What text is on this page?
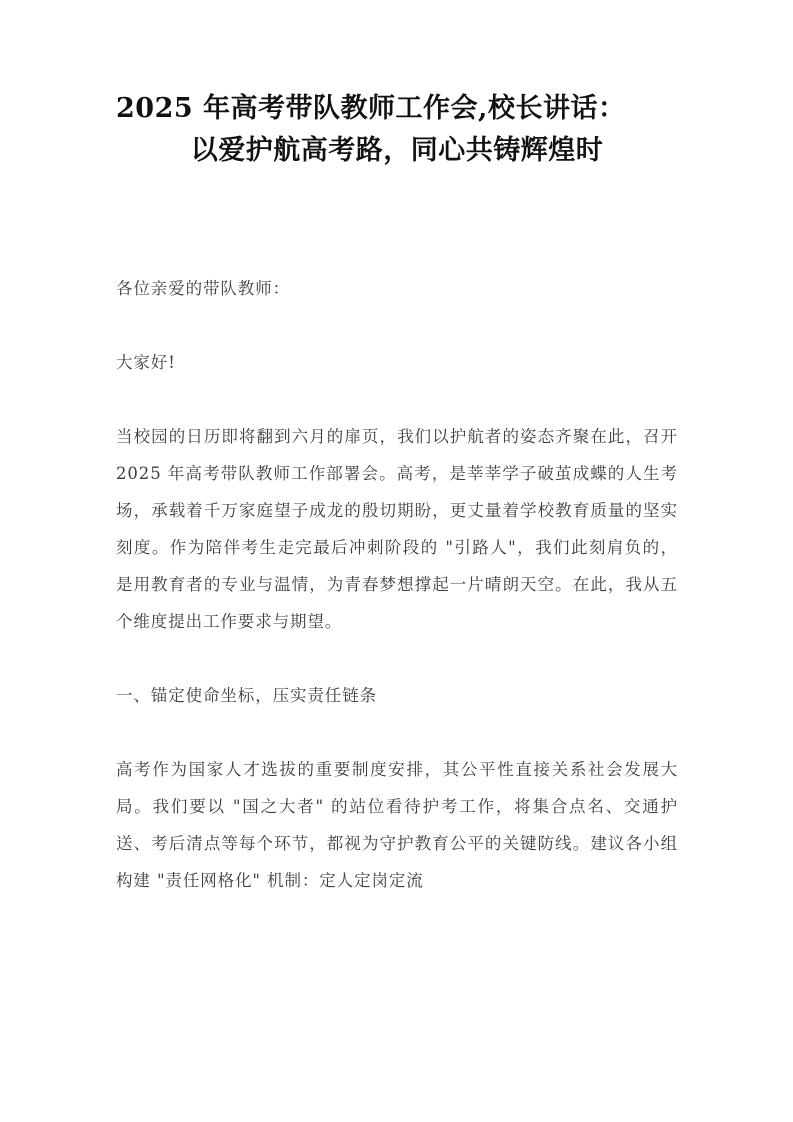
2025 年高考带队教师工作会,校长讲话：
以爱护航高考路，同心共铸辉煌时

各位亲爱的带队教师：

大家好!

当校园的日历即将翻到六月的扉页，我们以护航者的姿态齐聚在此，召开 2025 年高考带队教师工作部署会。高考，是莘莘学子破茧成蝶的人生考场，承载着千万家庭望子成龙的殷切期盼，更丈量着学校教育质量的坚实刻度。作为陪伴考生走完最后冲刺阶段的 "引路人"，我们此刻肩负的，是用教育者的专业与温情，为青春梦想撑起一片晴朗天空。在此，我从五个维度提出工作要求与期望。

一、锚定使命坐标，压实责任链条

高考作为国家人才选拔的重要制度安排，其公平性直接关系社会发展大局。我们要以 "国之大者" 的站位看待护考工作，将集合点名、交通护送、考后清点等每个环节，都视为守护教育公平的关键防线。建议各小组构建 "责任网格化" 机制：定人定岗定流
